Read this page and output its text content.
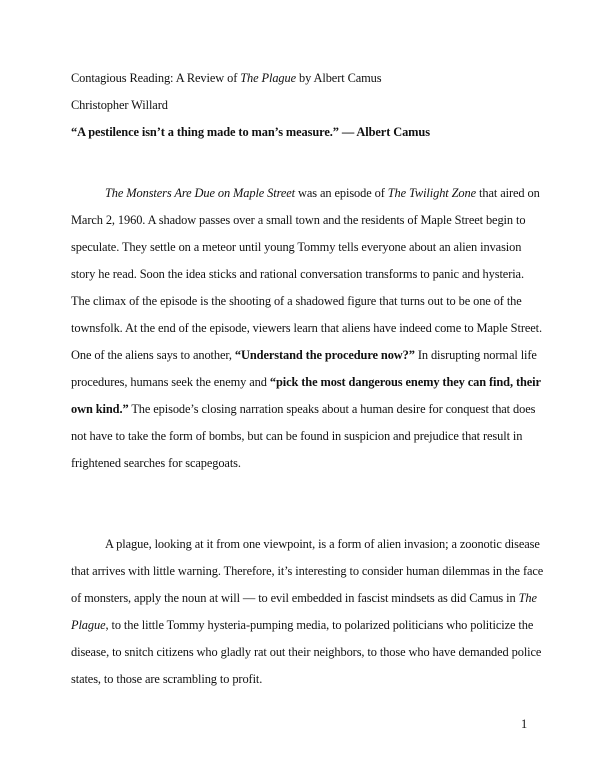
Contagious Reading: A Review of The Plague by Albert Camus
Christopher Willard
“A pestilence isn’t a thing made to man’s measure.” — Albert Camus
The Monsters Are Due on Maple Street was an episode of The Twilight Zone that aired on
March 2, 1960. A shadow passes over a small town and the residents of Maple Street begin to
speculate. They settle on a meteor until young Tommy tells everyone about an alien invasion
story he read. Soon the idea sticks and rational conversation transforms to panic and hysteria.
The climax of the episode is the shooting of a shadowed figure that turns out to be one of the
townsfolk. At the end of the episode, viewers learn that aliens have indeed come to Maple Street.
One of the aliens says to another, “Understand the procedure now?” In disrupting normal life
procedures, humans seek the enemy and “pick the most dangerous enemy they can find, their
own kind.” The episode’s closing narration speaks about a human desire for conquest that does
not have to take the form of bombs, but can be found in suspicion and prejudice that result in
frightened searches for scapegoats.
A plague, looking at it from one viewpoint, is a form of alien invasion; a zoonotic disease
that arrives with little warning. Therefore, it’s interesting to consider human dilemmas in the face
of monsters, apply the noun at will — to evil embedded in fascist mindsets as did Camus in The
Plague, to the little Tommy hysteria-pumping media, to polarized politicians who politicize the
disease, to snitch citizens who gladly rat out their neighbors, to those who have demanded police
states, to those are scrambling to profit.
1
